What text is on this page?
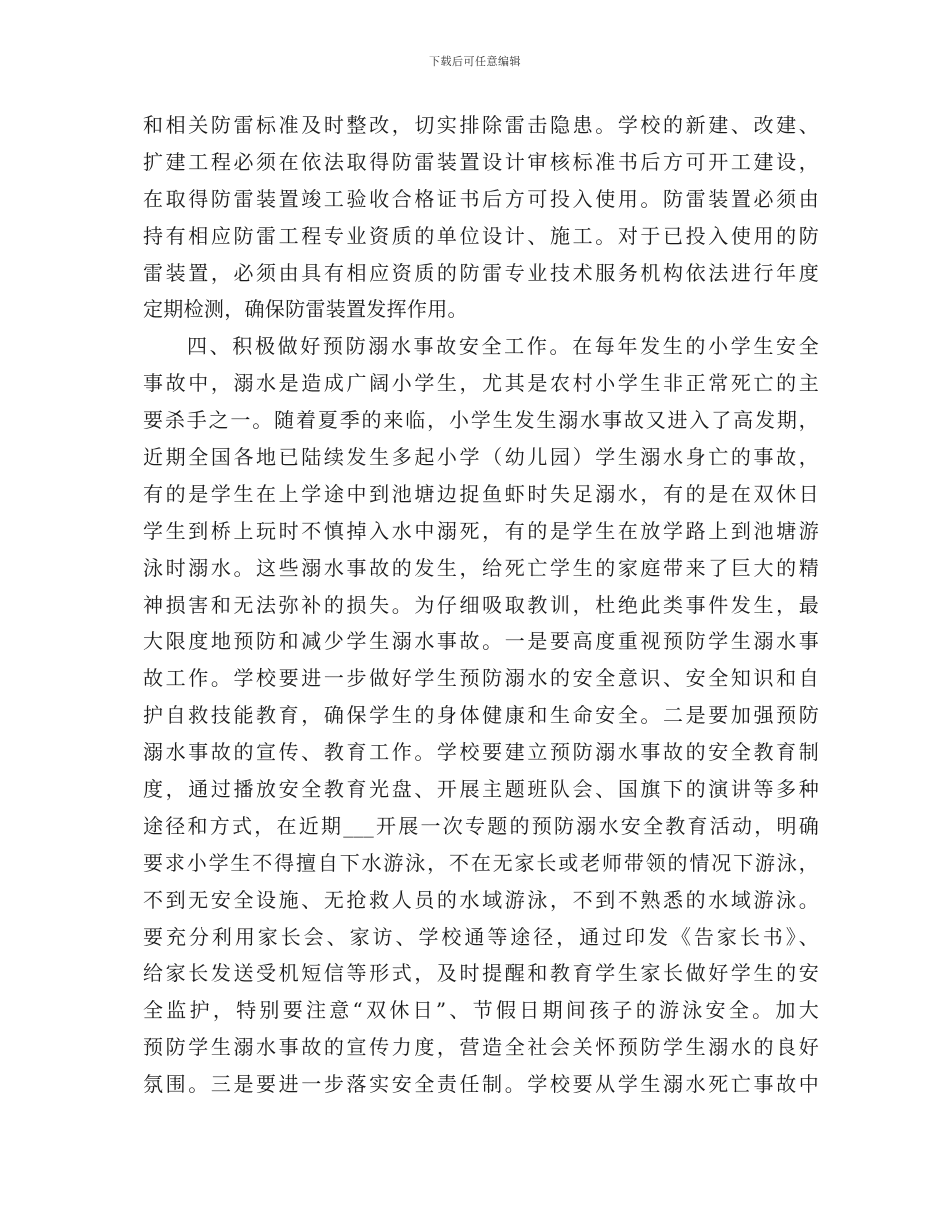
下载后可任意编辑
和相关防雷标准及时整改，切实排除雷击隐患。学校的新建、改建、
扩建工程必须在依法取得防雷装置设计审核标准书后方可开工建设，
在取得防雷装置竣工验收合格证书后方可投入使用。防雷装置必须由
持有相应防雷工程专业资质的单位设计、施工。对于已投入使用的防
雷装置，必须由具有相应资质的防雷专业技术服务机构依法进行年度
定期检测，确保防雷装置发挥作用。
四、积极做好预防溺水事故安全工作。在每年发生的小学生安全
事故中，溺水是造成广阔小学生，尤其是农村小学生非正常死亡的主
要杀手之一。随着夏季的来临，小学生发生溺水事故又进入了高发期，
近期全国各地已陆续发生多起小学（幼儿园）学生溺水身亡的事故，
有的是学生在上学途中到池塘边捉鱼虾时失足溺水，有的是在双休日
学生到桥上玩时不慎掉入水中溺死，有的是学生在放学路上到池塘游
泳时溺水。这些溺水事故的发生，给死亡学生的家庭带来了巨大的精
神损害和无法弥补的损失。为仔细吸取教训，杜绝此类事件发生，最
大限度地预防和减少学生溺水事故。一是要高度重视预防学生溺水事
故工作。学校要进一步做好学生预防溺水的安全意识、安全知识和自
护自救技能教育，确保学生的身体健康和生命安全。二是要加强预防
溺水事故的宣传、教育工作。学校要建立预防溺水事故的安全教育制
度，通过播放安全教育光盘、开展主题班队会、国旗下的演讲等多种
途径和方式，在近期___开展一次专题的预防溺水安全教育活动，明确
要求小学生不得擅自下水游泳，不在无家长或老师带领的情况下游泳，
不到无安全设施、无抢救人员的水域游泳，不到不熟悉的水域游泳。
要充分利用家长会、家访、学校通等途径，通过印发《告家长书》、
给家长发送受机短信等形式，及时提醒和教育学生家长做好学生的安
全监护，特别要注意“双休日”、节假日期间孩子的游泳安全。加大
预防学生溺水事故的宣传力度，营造全社会关怀预防学生溺水的良好
氛围。三是要进一步落实安全责任制。学校要从学生溺水死亡事故中
